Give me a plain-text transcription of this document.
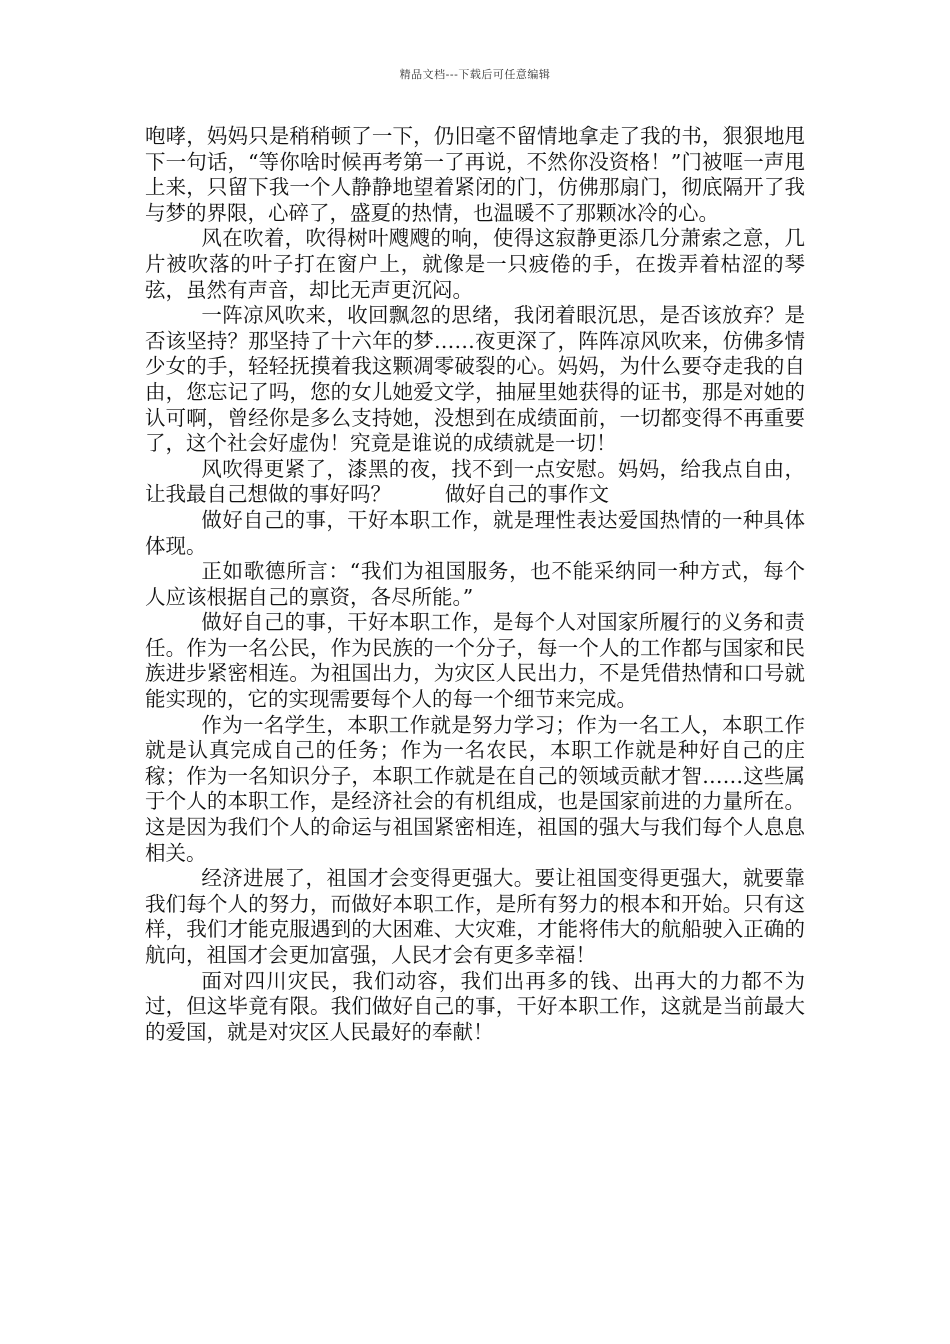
精品文档---下载后可任意编辑

咆哮，妈妈只是稍稍顿了一下，仍旧毫不留情地拿走了我的书，狠狠地甩下一句话，“等你啥时候再考第一了再说，不然你没资格！”门被哐一声甩上来，只留下我一个人静静地望着紧闭的门，仿佛那扇门，彻底隔开了我与梦的界限，心碎了，盛夏的热情，也温暖不了那颗冰冷的心。

风在吹着，吹得树叶飕飕的响，使得这寂静更添几分萧索之意，几片被吹落的叶子打在窗户上，就像是一只疲倦的手，在拨弄着枯涩的琴弦，虽然有声音，却比无声更沉闷。

一阵凉风吹来，收回飘忽的思绪，我闭着眼沉思，是否该放弃？是否该坚持？那坚持了十六年的梦……夜更深了，阵阵凉风吹来，仿佛多情少女的手，轻轻抚摸着我这颗凋零破裂的心。妈妈，为什么要夺走我的自由，您忘记了吗，您的女儿她爱文学，抽屉里她获得的证书，那是对她的认可啊，曾经你是多么支持她，没想到在成绩面前，一切都变得不再重要了，这个社会好虚伪！究竟是谁说的成绩就是一切！

风吹得更紧了，漆黑的夜，找不到一点安慰。妈妈，给我点自由，让我最自己想做的事好吗？	做好自己的事作文

做好自己的事，干好本职工作，就是理性表达爱国热情的一种具体体现。

正如歌德所言：“我们为祖国服务，也不能采纳同一种方式，每个人应该根据自己的禀资，各尽所能。”

做好自己的事，干好本职工作，是每个人对国家所履行的义务和责任。作为一名公民，作为民族的一个分子，每一个人的工作都与国家和民族进步紧密相连。为祖国出力，为灾区人民出力，不是凭借热情和口号就能实现的，它的实现需要每个人的每一个细节来完成。

作为一名学生，本职工作就是努力学习；作为一名工人，本职工作就是认真完成自己的任务；作为一名农民，本职工作就是种好自己的庄稼；作为一名知识分子，本职工作就是在自己的领域贡献才智……这些属于个人的本职工作，是经济社会的有机组成，也是国家前进的力量所在。这是因为我们个人的命运与祖国紧密相连，祖国的强大与我们每个人息息相关。

经济进展了，祖国才会变得更强大。要让祖国变得更强大，就要靠我们每个人的努力，而做好本职工作，是所有努力的根本和开始。只有这样，我们才能克服遇到的大困难、大灾难，才能将伟大的航船驶入正确的航向，祖国才会更加富强，人民才会有更多幸福！

面对四川灾民，我们动容，我们出再多的钱、出再大的力都不为过，但这毕竟有限。我们做好自己的事，干好本职工作，这就是当前最大的爱国，就是对灾区人民最好的奉献！
